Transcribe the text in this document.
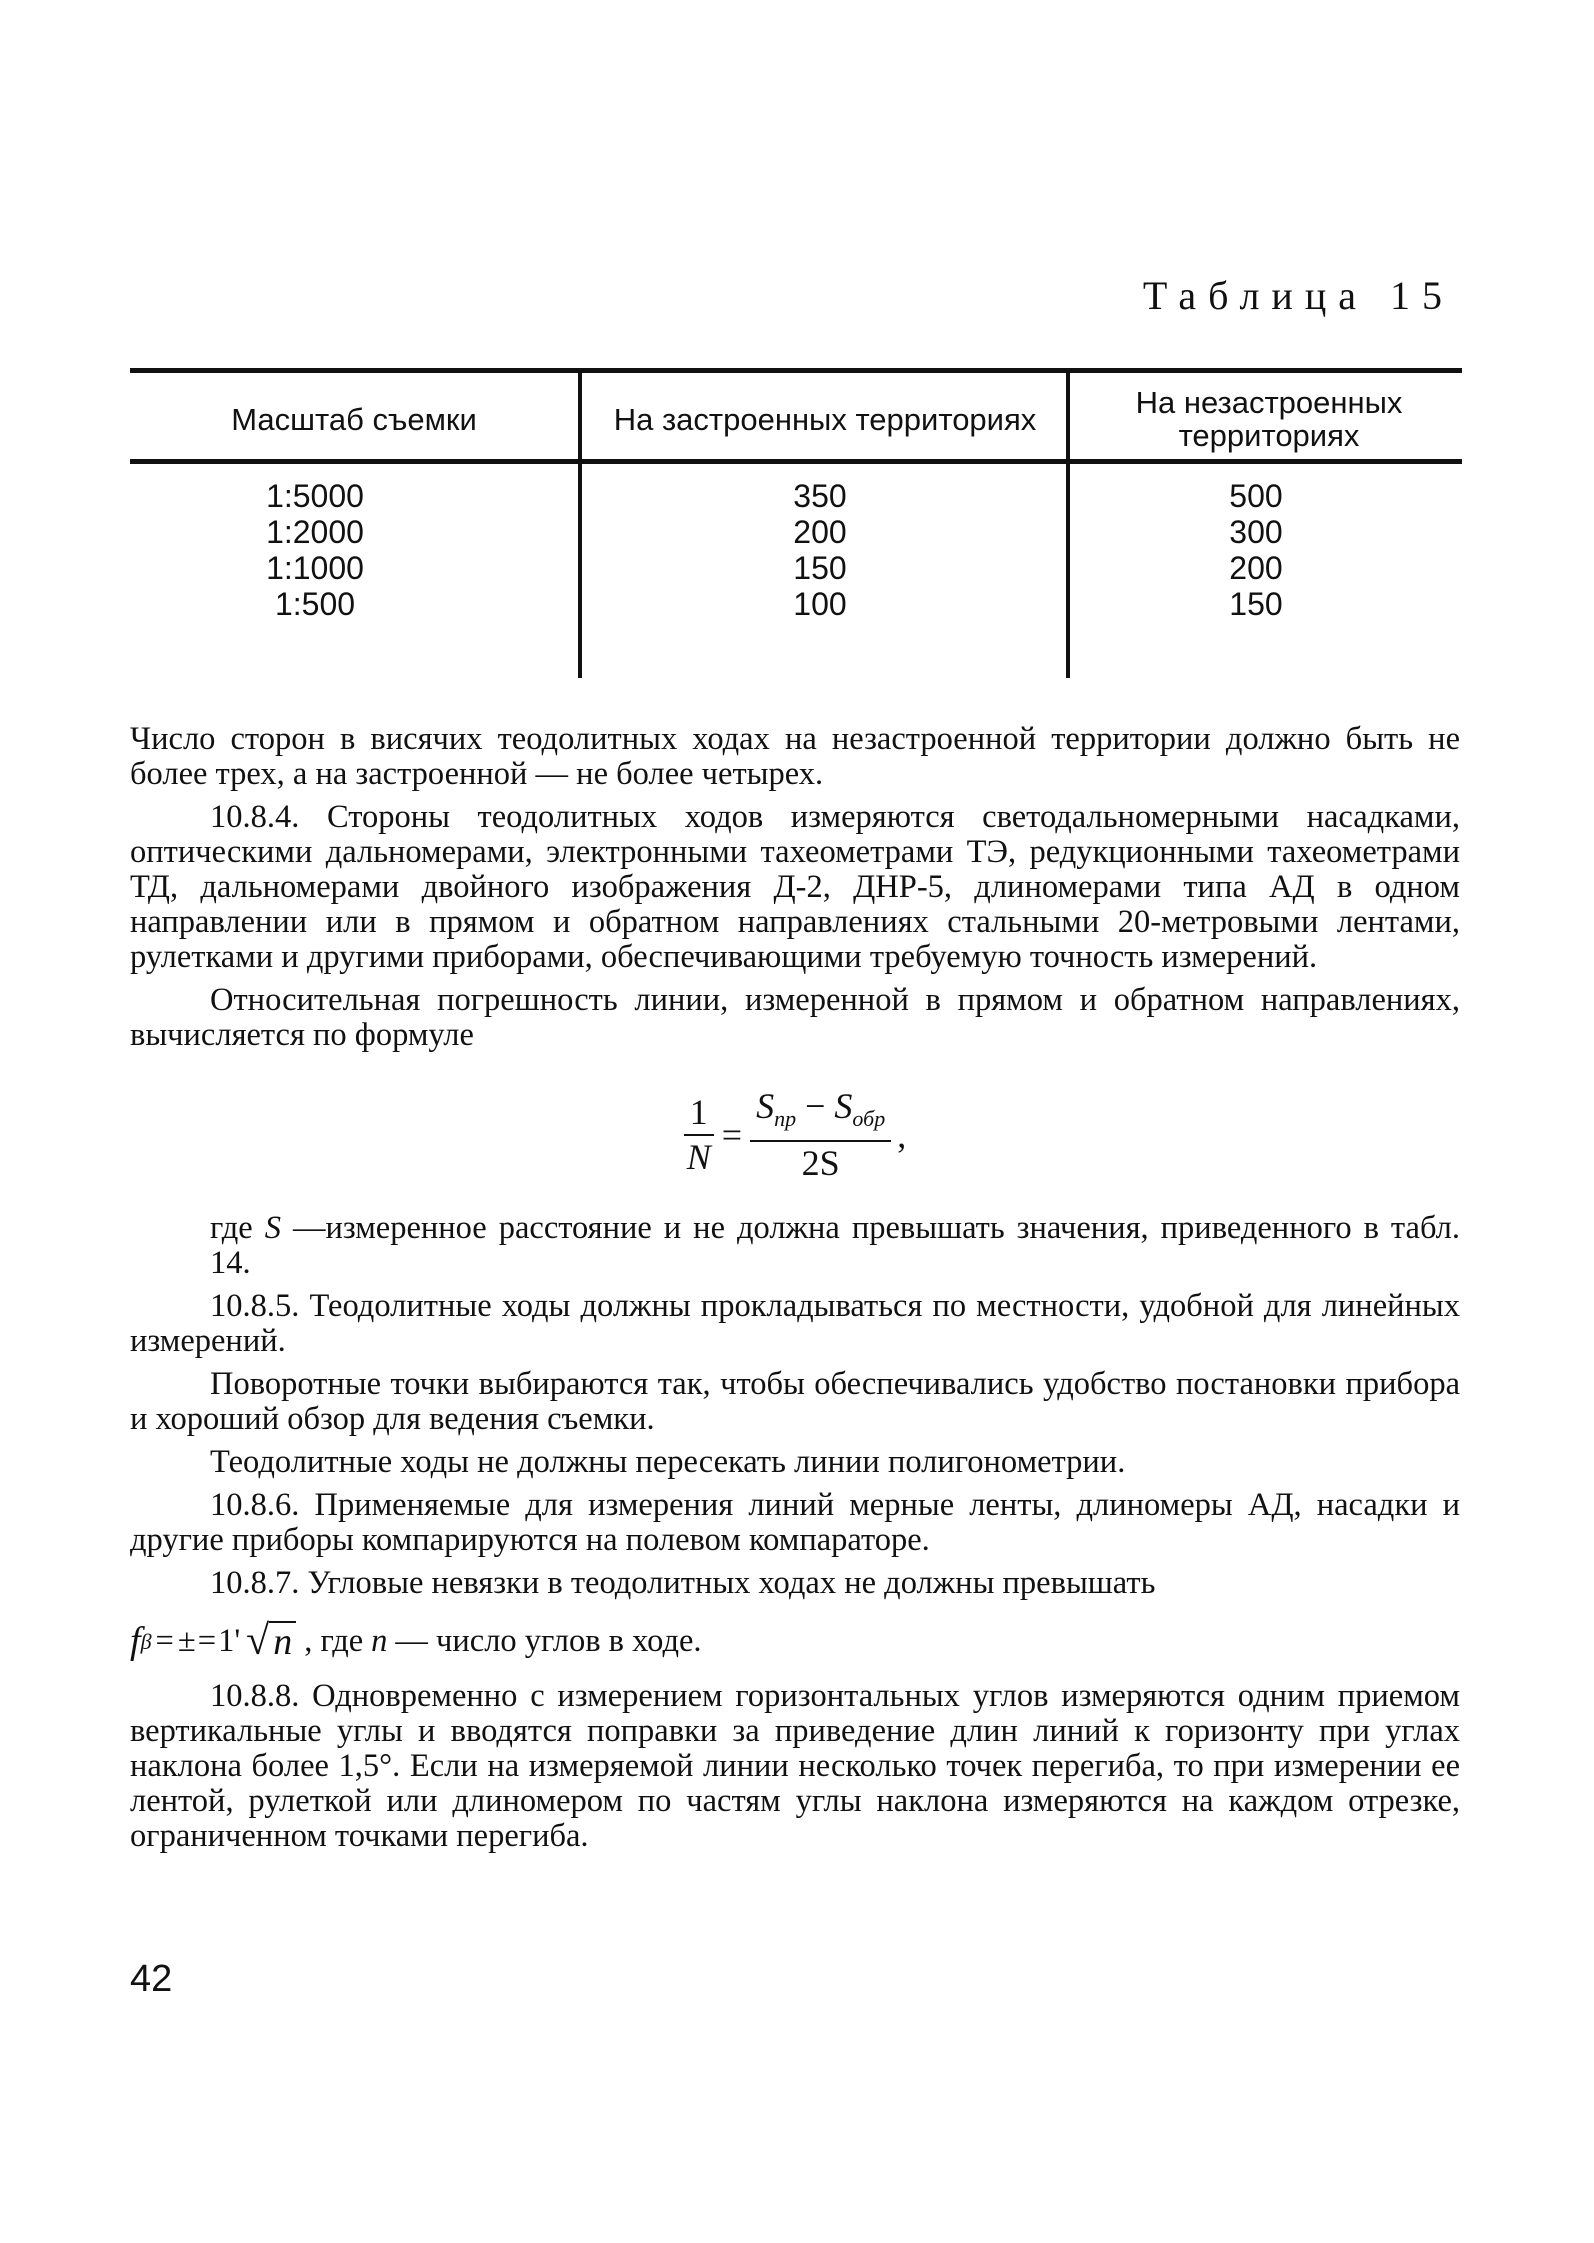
Таблица 15
Масштаб съемки	На застроенных территориях	На незастроенных территориях
1:5000
1:2000
1:1000
1:500
350
200
150
100
500
300
200
150

Число сторон в висячих теодолитных ходах на незастроенной территории должно быть не более трех, а на застроенной — не более четырех.

10.8.4. Стороны теодолитных ходов измеряются светодальномерными насадками, оптическими дальномерами, электронными тахеометрами ТЭ, редукционными тахеометрами ТД, дальномерами двойного изображения Д-2, ДНР-5, длиномерами типа АД в одном направлении или в прямом и обратном направлениях стальными 20-метровыми лентами, рулетками и другими приборами, обеспечивающими требуемую точность измерений.

Относительная погрешность линии, измеренной в прямом и обратном направлениях, вычисляется по формуле

$\frac{1}{N} = \frac{S_{пр} - S_{обр}}{2S}$ ,

где S —измеренное расстояние и не должна превышать значения, приведенного в табл. 14.

10.8.5. Теодолитные ходы должны прокладываться по местности, удобной для линейных измерений.

Поворотные точки выбираются так, чтобы обеспечивались удобство постановки прибора и хороший обзор для ведения съемки.

Теодолитные ходы не должны пересекать линии полигонометрии.

10.8.6. Применяемые для измерения линий мерные ленты, длиномеры АД, насадки и другие приборы компарируются на полевом компараторе.

10.8.7. Угловые невязки в теодолитных ходах не должны превышать

f β = ± = 1' √ n , где n — число углов в ходе.

10.8.8. Одновременно с измерением горизонтальных углов измеряются одним приемом вертикальные углы и вводятся поправки за приведение длин линий к горизонту при углах наклона более 1,5°. Если на измеряемой линии несколько точек перегиба, то при измерении ее лентой, рулеткой или длиномером по частям углы наклона измеряются на каждом отрезке, ограниченном точками перегиба.

42
